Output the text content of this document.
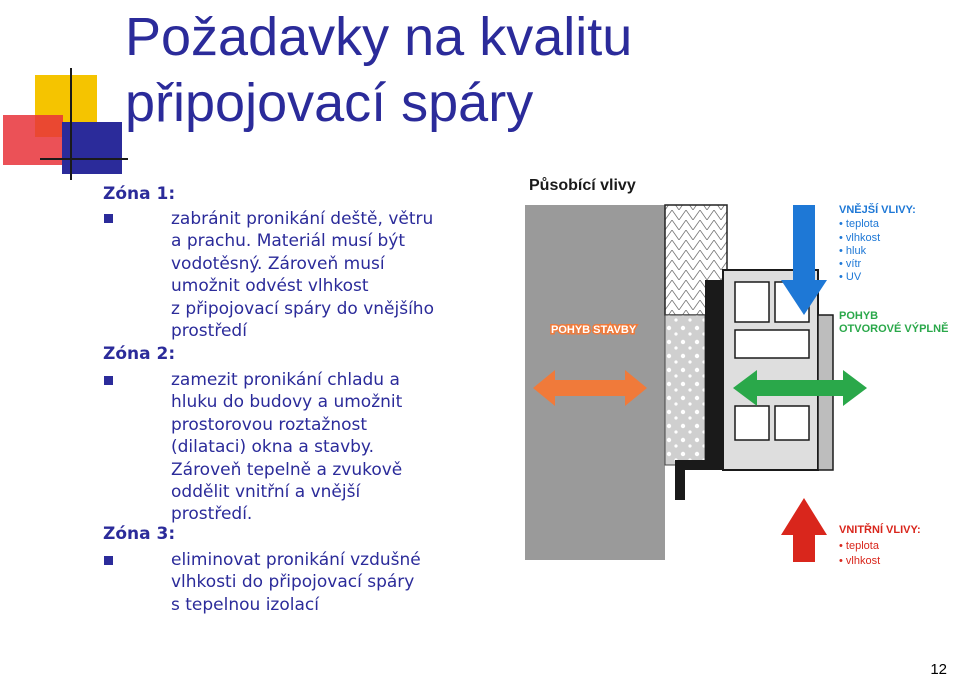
Požadavky na kvalitu
připojovací spáry

Zóna 1:

zabránit pronikání deště, větru
a prachu. Materiál musí být
vodotěsný. Zároveň musí
umožnit odvést vlhkost
z připojovací spáry do vnějšího
prostředí

Zóna 2:

zamezit pronikání chladu a
hluku do budovy a umožnit
prostorovou roztažnost
(dilataci) okna a stavby.
Zároveň tepelně a zvukově
oddělit vnitřní a vnější
prostředí.

Zóna 3:

eliminovat pronikání vzdušné
vlhkosti do připojovací spáry
s tepelnou izolací

Působící vlivy
POHYB STAVBY
VNĚJŠÍ VLIVY:
• teplota
• vlhkost
• hluk
• vítr
• UV
POHYB
OTVOROVÉ VÝPLNĚ
VNITŘNÍ VLIVY:
• teplota
• vlhkost
12
